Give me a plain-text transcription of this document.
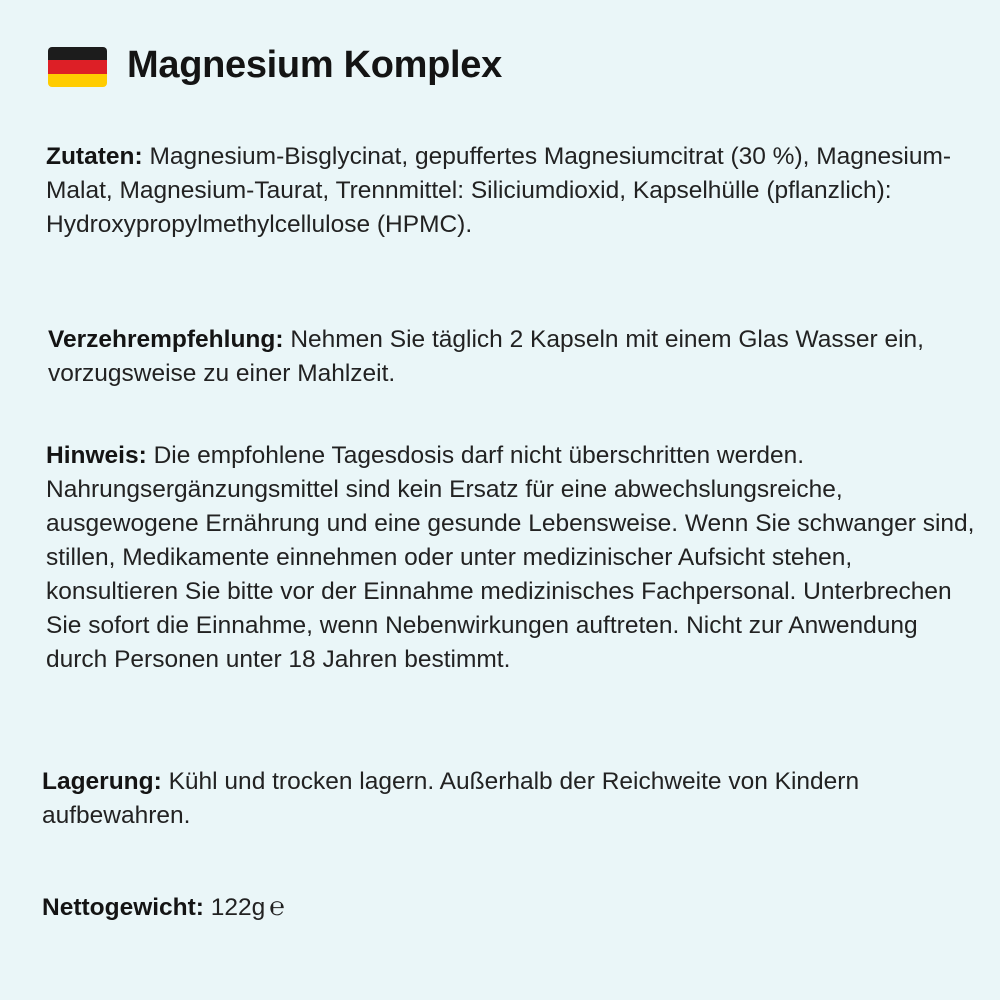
Magnesium Komplex

Zutaten: Magnesium-Bisglycinat, gepuffertes Magnesiumcitrat (30 %), Magnesium-Malat, Magnesium-Taurat, Trennmittel: Siliciumdioxid, Kapselhülle (pflanzlich): Hydroxypropylmethylcellulose (HPMC).

Verzehrempfehlung: Nehmen Sie täglich 2 Kapseln mit einem Glas Wasser ein, vorzugsweise zu einer Mahlzeit.

Hinweis: Die empfohlene Tagesdosis darf nicht überschritten werden. Nahrungsergänzungsmittel sind kein Ersatz für eine abwechslungsreiche, ausgewogene Ernährung und eine gesunde Lebensweise. Wenn Sie schwanger sind, stillen, Medikamente einnehmen oder unter medizinischer Aufsicht stehen, konsultieren Sie bitte vor der Einnahme medizinisches Fachpersonal. Unterbrechen Sie sofort die Einnahme, wenn Nebenwirkungen auftreten. Nicht zur Anwendung durch Personen unter 18 Jahren bestimmt.

Lagerung: Kühl und trocken lagern. Außerhalb der Reichweite von Kindern aufbewahren.

Nettogewicht: 122g ℮
